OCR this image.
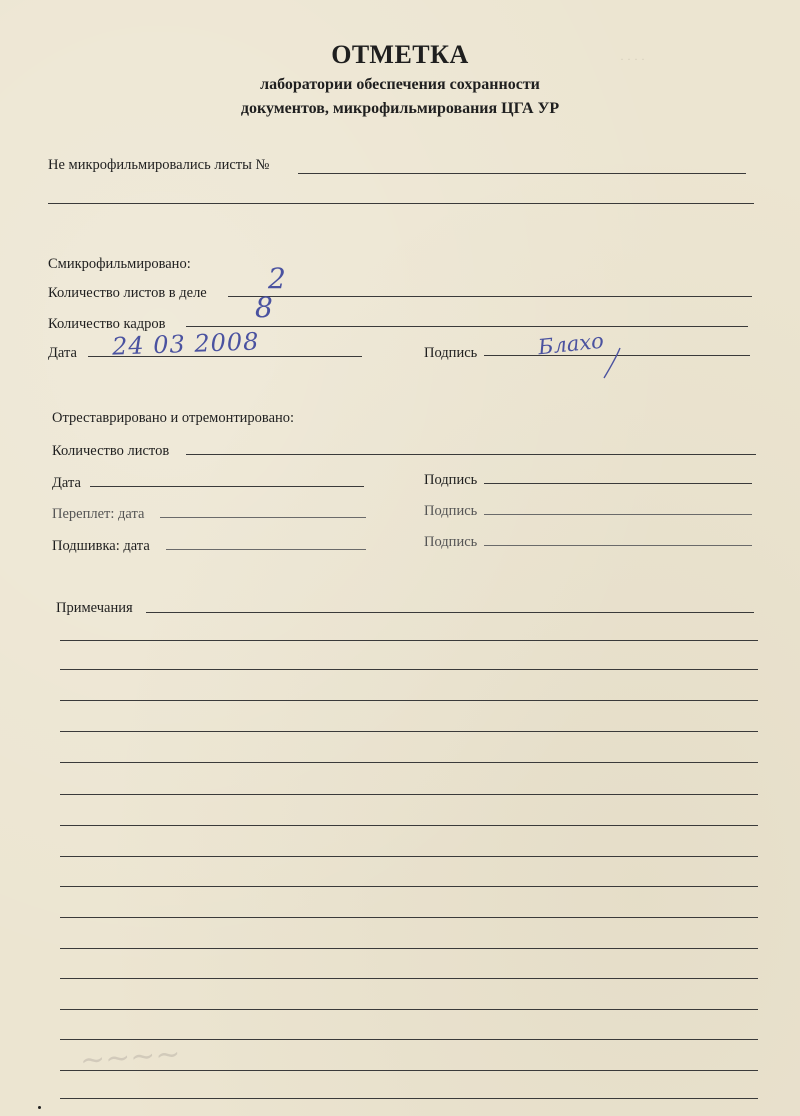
· · · ·
~~~~
ОТМЕТКА
лаборатории обеспечения сохранности
документов, микрофильмирования ЦГА УР
Не микрофильмировались листы №
Смикрофильмировано:
Количество листов в деле 2
Количество кадров	8
Дата 24 03 2008	Подпись	Блахо
Отреставрировано и отремонтировано:
Количество листов
Дата	Подпись
Переплет: дата	Подпись
Подшивка: дата	Подпись
Примечания
